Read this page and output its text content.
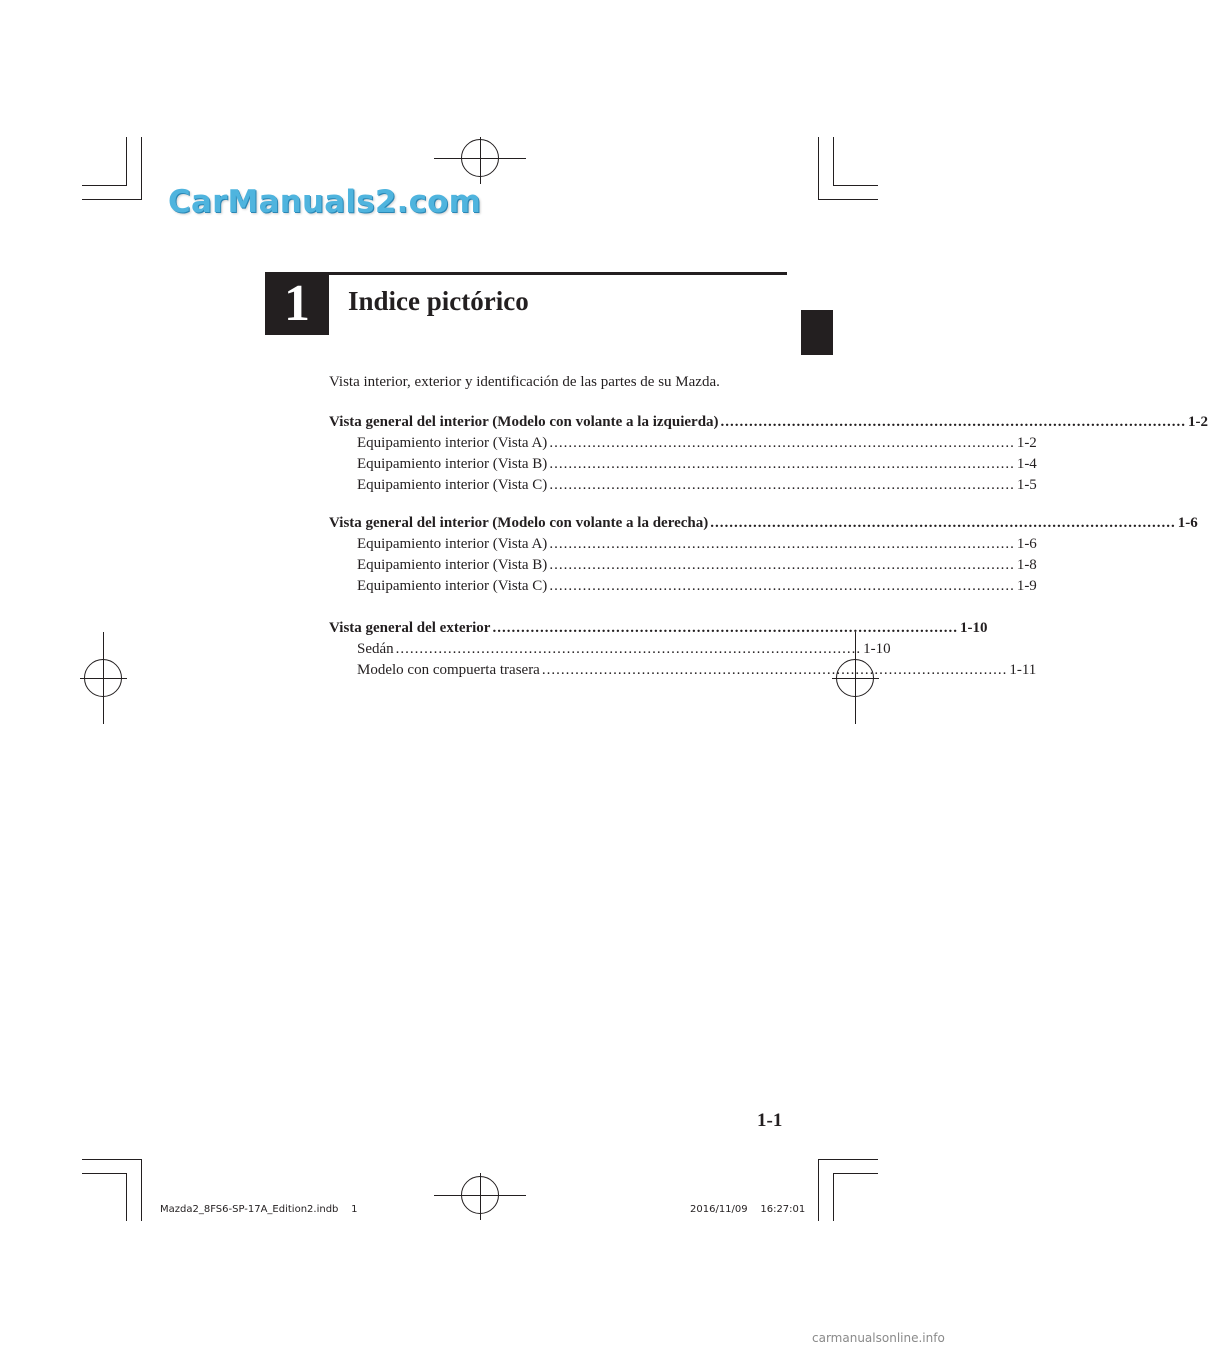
CarManuals2.com
1 Indice pictórico
Vista interior, exterior y identificación de las partes de su Mazda.
Vista general del interior (Modelo con volante a la izquierda) .................................................................................................. 1-2
Equipamiento interior (Vista A) .................................................................................................. 1-2
Equipamiento interior (Vista B) .................................................................................................. 1-4
Equipamiento interior (Vista C) .................................................................................................. 1-5
Vista general del interior (Modelo con volante a la derecha) .................................................................................................. 1-6
Equipamiento interior (Vista A) .................................................................................................. 1-6
Equipamiento interior (Vista B) .................................................................................................. 1-8
Equipamiento interior (Vista C) .................................................................................................. 1-9
Vista general del exterior .................................................................................................. 1-10
Sedán .................................................................................................. 1-10
Modelo con compuerta trasera .................................................................................................. 1-11
1-1
Mazda2_8FS6-SP-17A_Edition2.indb    1	2016/11/09    16:27:01
carmanualsonline.info
